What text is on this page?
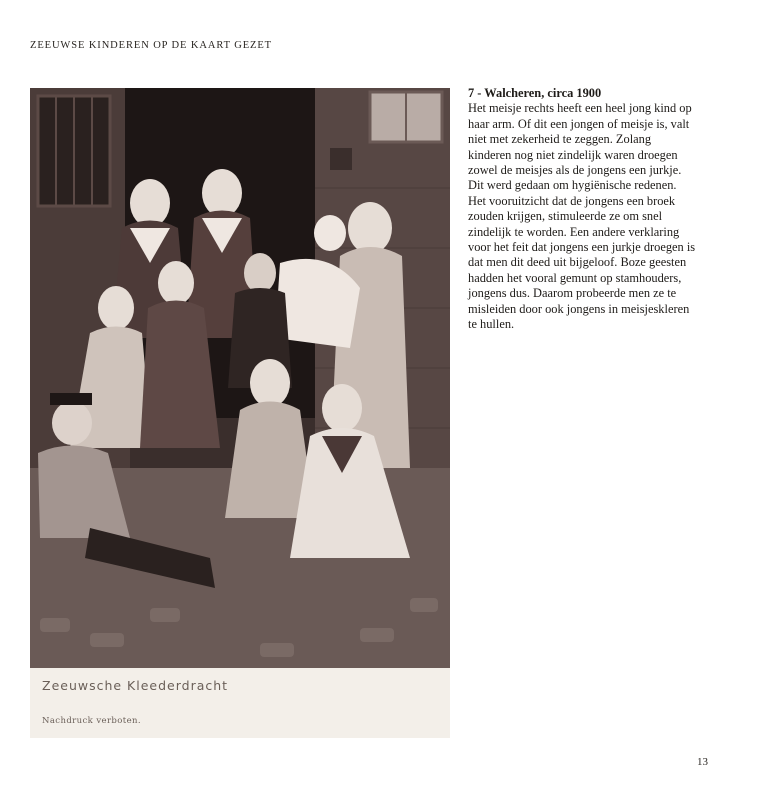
ZEEUWSE KINDEREN OP DE KAART GEZET
Zeeuwsche Kleederdracht
Nachdruck verboten.
7 - Walcheren, circa 1900
Het meisje rechts heeft een heel jong kind op
haar arm. Of dit een jongen of meisje is, valt
niet met zekerheid te zeggen. Zolang
kinderen nog niet zindelijk waren droegen
zowel de meisjes als de jongens een jurkje.
Dit werd gedaan om hygiënische redenen.
Het vooruitzicht dat de jongens een broek
zouden krijgen, stimuleerde ze om snel
zindelijk te worden. Een andere verklaring
voor het feit dat jongens een jurkje droegen is
dat men dit deed uit bijgeloof. Boze geesten
hadden het vooral gemunt op stamhouders,
jongens dus. Daarom probeerde men ze te
misleiden door ook jongens in meisjeskleren
te hullen.
13
